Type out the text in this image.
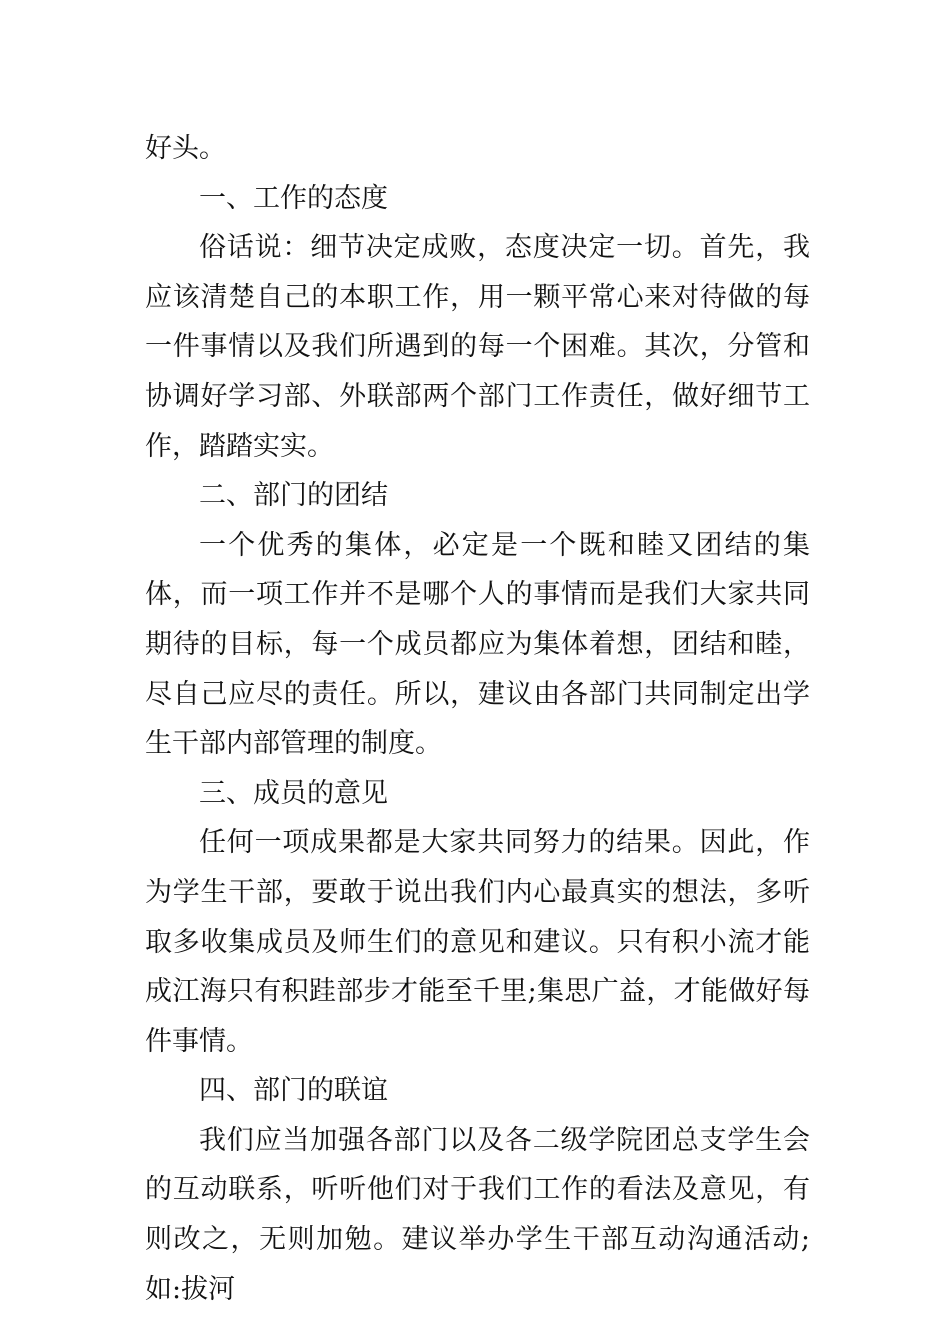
好头。

一、工作的态度

俗话说：细节决定成败，态度决定一切。首先，我应该清楚自己的本职工作，用一颗平常心来对待做的每一件事情以及我们所遇到的每一个困难。其次，分管和协调好学习部、外联部两个部门工作责任，做好细节工作，踏踏实实。

二、部门的团结

一个优秀的集体，必定是一个既和睦又团结的集体，而一项工作并不是哪个人的事情而是我们大家共同期待的目标，每一个成员都应为集体着想，团结和睦，尽自己应尽的责任。所以，建议由各部门共同制定出学生干部内部管理的制度。

三、成员的意见

任何一项成果都是大家共同努力的结果。因此，作为学生干部，要敢于说出我们内心最真实的想法，多听取多收集成员及师生们的意见和建议。只有积小流才能成江海只有积跬部步才能至千里;集思广益，才能做好每件事情。

四、部门的联谊

我们应当加强各部门以及各二级学院团总支学生会的互动联系，听听他们对于我们工作的看法及意见，有则改之，无则加勉。建议举办学生干部互动沟通活动;如:拔河
